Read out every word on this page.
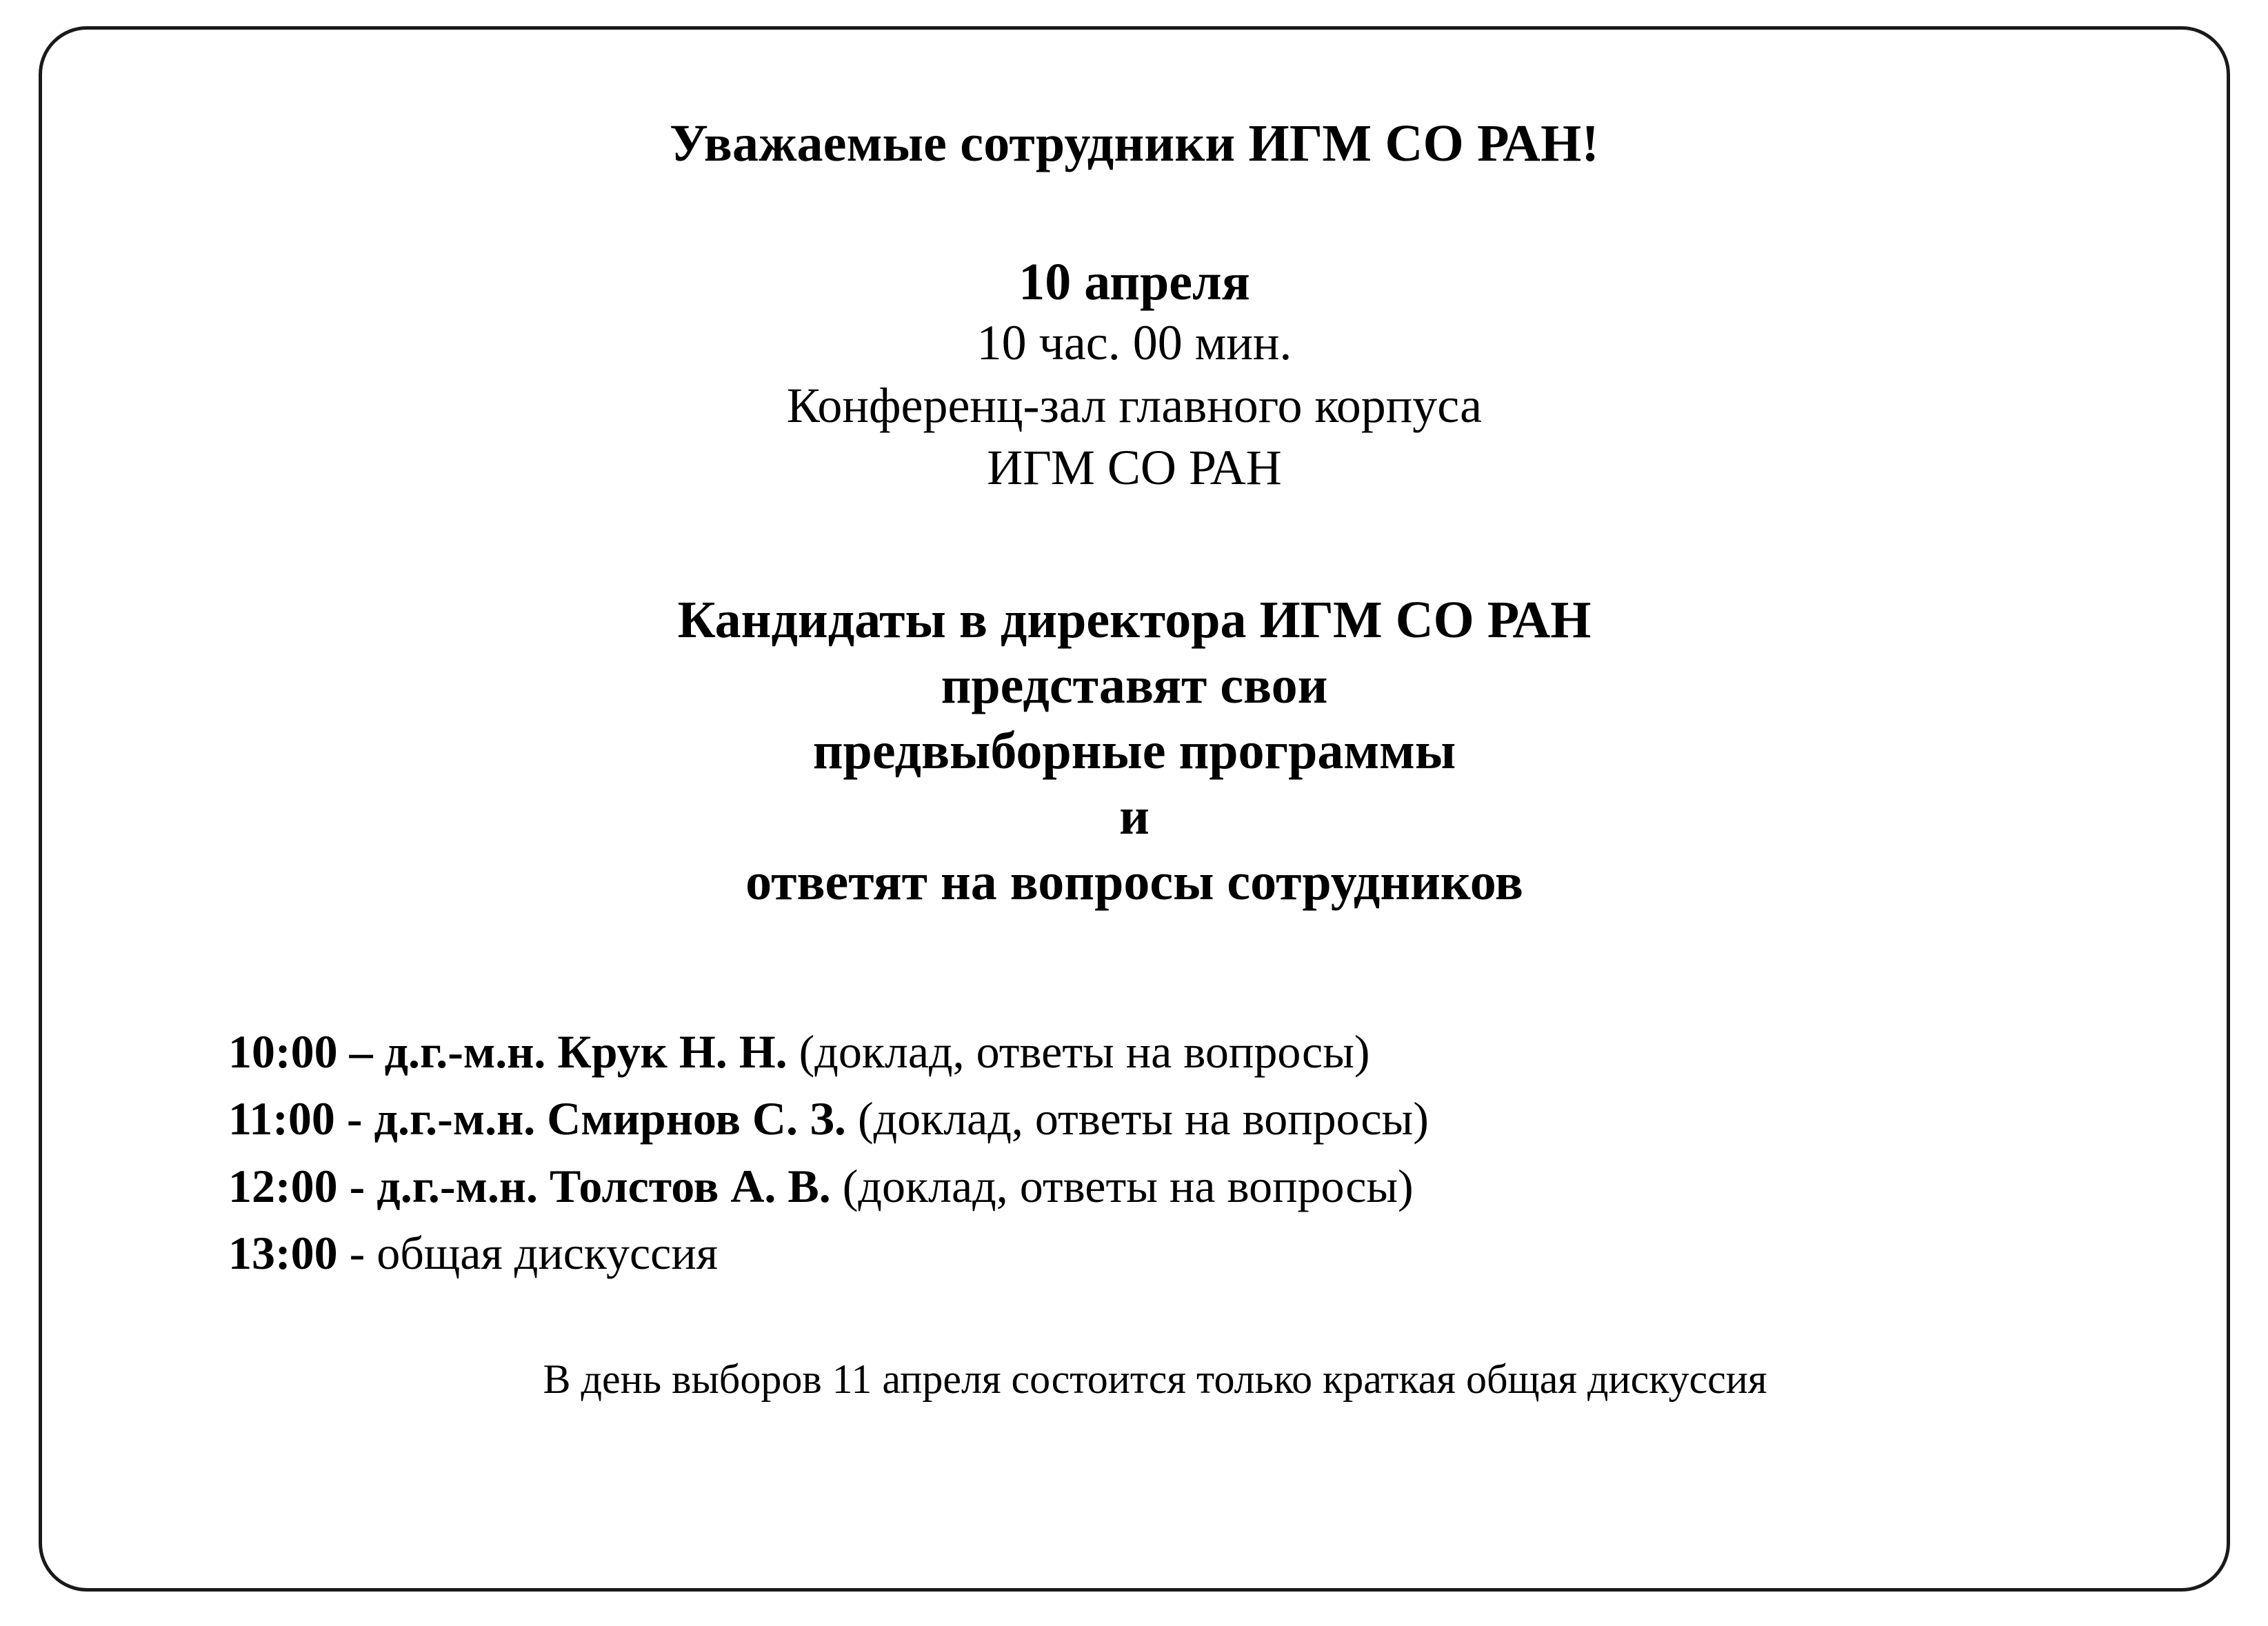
Уважаемые сотрудники ИГМ СО РАН!
10 апреля
10 час. 00 мин.
Конференц-зал главного корпуса
ИГМ СО РАН
Кандидаты в директора ИГМ СО РАН
представят свои
предвыборные программы
и
ответят на вопросы сотрудников
10:00 – д.г.-м.н. Крук Н. Н. (доклад, ответы на вопросы)
11:00 - д.г.-м.н. Смирнов С. З. (доклад, ответы на вопросы)
12:00 - д.г.-м.н. Толстов А. В. (доклад, ответы на вопросы)
13:00 - общая дискуссия
В день выборов 11 апреля состоится только краткая общая дискуссия
